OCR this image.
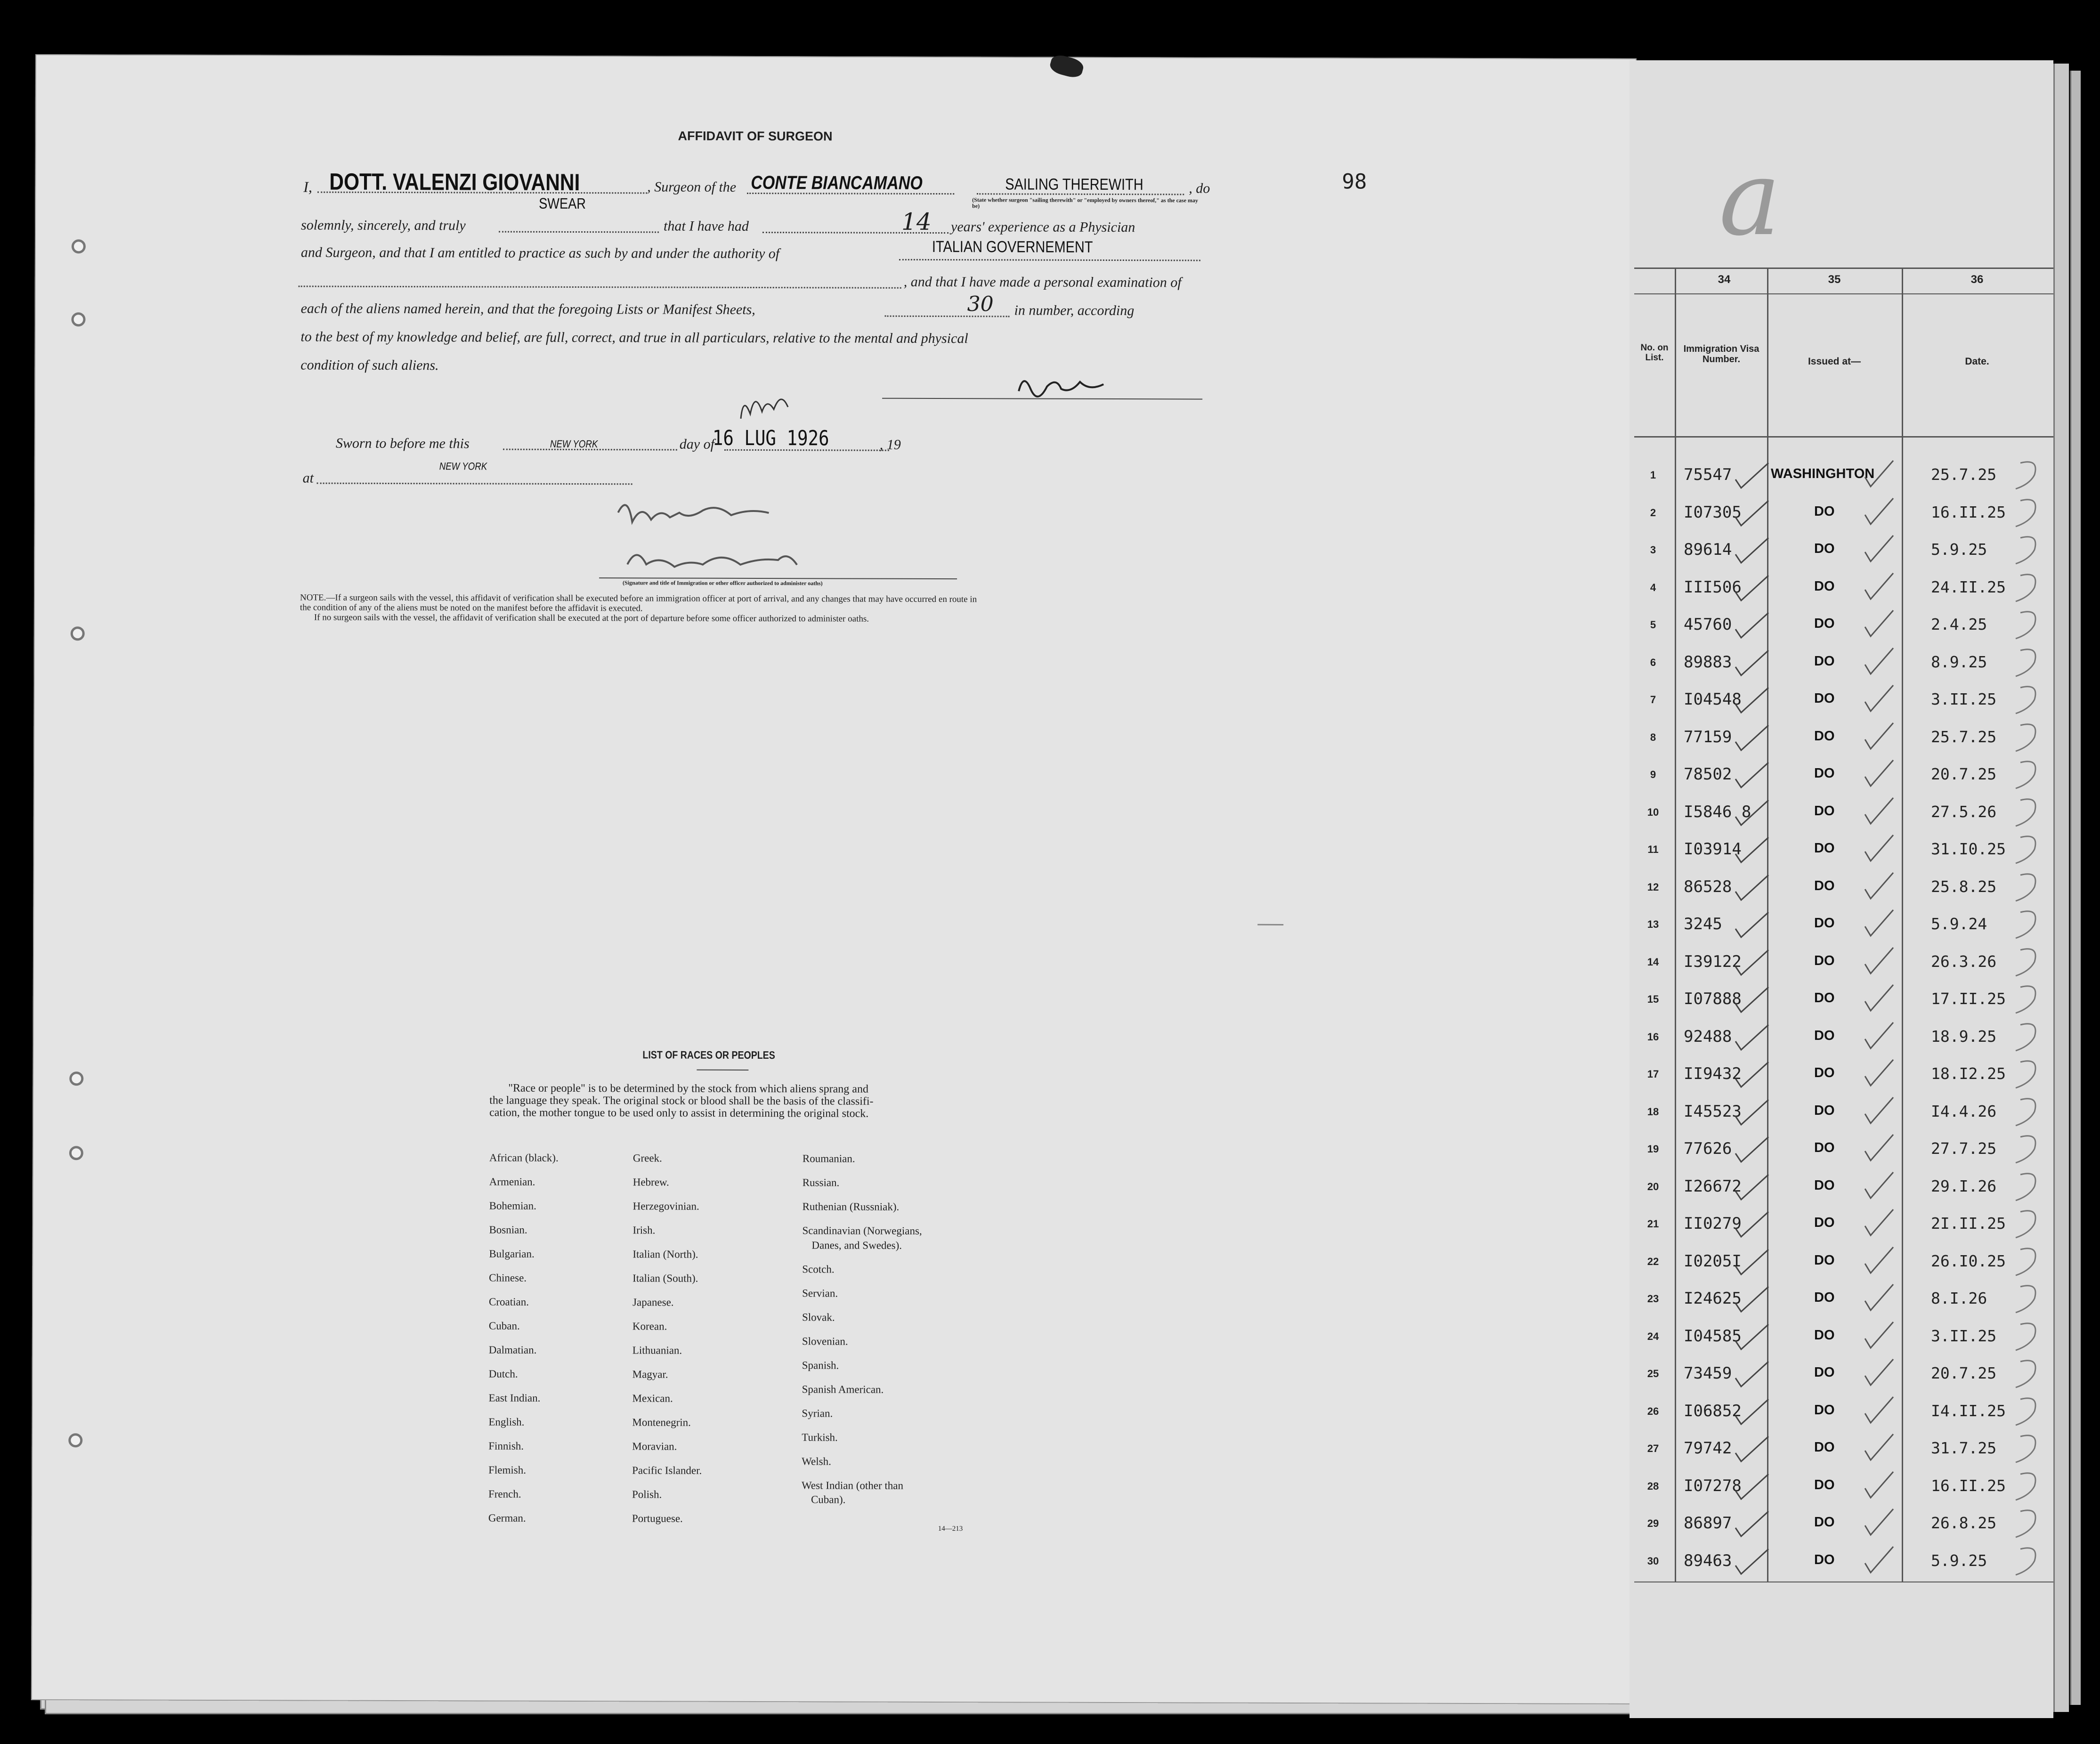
AFFIDAVIT OF SURGEON
I, DOTT. VALENZI GIOVANNI	, Surgeon of the CONTE BIANCAMANO	SAILING THEREWITH	, do
(State whether surgeon "sailing therewith" or "employed by owners thereof," as the case may be)
SWEAR
solemnly, sincerely, and truly	that I have had	14 years' experience as a Physician
and Surgeon, and that I am entitled to practice as such by and under the authority of	ITALIAN GOVERNEMENT
, and that I have made a personal examination of
each of the aliens named herein, and that the foregoing Lists or Manifest Sheets,	30 in number, according
to the best of my knowledge and belief, are full, correct, and true in all particulars, relative to the mental and physical
condition of such aliens.
Sworn to before me this	NEW YORK	day of
16 LUG 1926	, 19
at
NEW YORK
(Signature and title of Immigration or other officer authorized to administer oaths)
NOTE.—If a surgeon sails with the vessel, this affidavit of verification shall be executed before an immigration officer at port of arrival, and any changes that may have occurred en route in
the condition of any of the aliens must be noted on the manifest before the affidavit is executed.
If no surgeon sails with the vessel, the affidavit of verification shall be executed at the port of departure before some officer authorized to administer oaths.
LIST OF RACES OR PEOPLES
"Race or people" is to be determined by the stock from which aliens sprang and
the language they speak. The original stock or blood shall be the basis of the classifi-
cation, the mother tongue to be used only to assist in determining the original stock.
African (black).
Armenian.
Bohemian.
Bosnian.
Bulgarian.
Chinese.
Croatian.
Cuban.
Dalmatian.
Dutch.
East Indian.
English.
Finnish.
Flemish.
French.
German.
Greek.
Hebrew.
Herzegovinian.
Irish.
Italian (North).
Italian (South).
Japanese.
Korean.
Lithuanian.
Magyar.
Mexican.
Montenegrin.
Moravian.
Pacific Islander.
Polish.
Portuguese.
Roumanian.
Russian.
Ruthenian (Russniak).
Scandinavian (Norwegians,
Danes, and Swedes).
Scotch.
Servian.
Slovak.
Slovenian.
Spanish.
Spanish American.
Syrian.
Turkish.
Welsh.
West Indian (other than
Cuban).
14—213
98	a
34	35	36
No. on List.
Immigration Visa Number.	Issued at—	Date.
1	75547	WASHINGHTON	25.7.25
2	I07305	DO	16.II.25
3	89614	DO	5.9.25
4	III506	DO	24.II.25
5	45760	DO	2.4.25
6	89883	DO	8.9.25
7	I04548	DO	3.II.25
8	77159	DO	25.7.25
9	78502	DO	20.7.25
10	I5846 8	DO	27.5.26
11	I03914	DO	31.I0.25
12	86528	DO	25.8.25
13	3245	DO	5.9.24
14	I39122	DO	26.3.26
15	I07888	DO	17.II.25
16	92488	DO	18.9.25
17	II9432	DO	18.I2.25
18	I45523	DO	I4.4.26
19	77626	DO	27.7.25
20	I26672	DO	29.I.26
21	II0279	DO	2I.II.25
22	I0205I	DO	26.I0.25
23	I24625	DO	8.I.26
24	I04585	DO	3.II.25
25	73459	DO	20.7.25
26	I06852	DO	I4.II.25
27	79742	DO	31.7.25
28	I07278	DO	16.II.25
29	86897	DO	26.8.25
30	89463	DO	5.9.25
